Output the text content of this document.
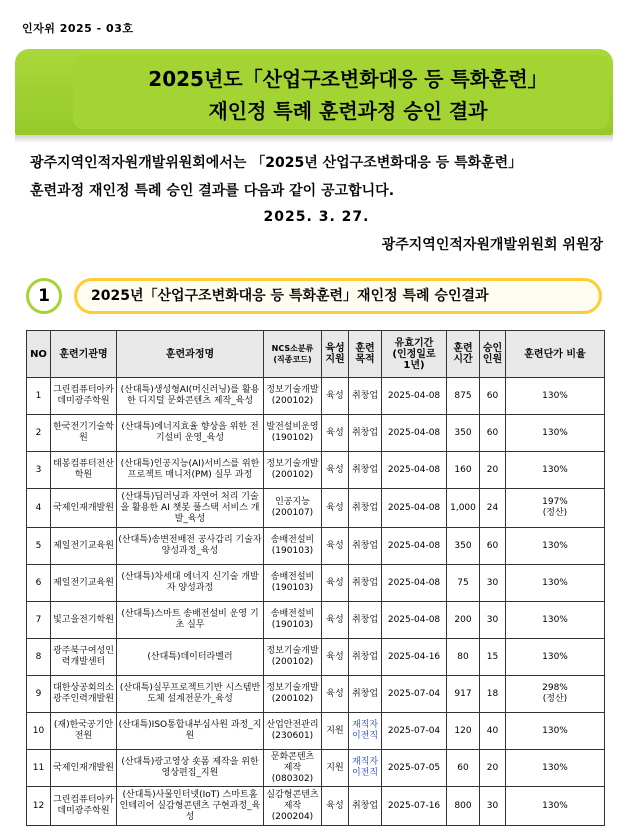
인자위 2025 - 03호
2025년도「산업구조변화대응 등 특화훈련」
재인정 특례 훈련과정 승인 결과
광주지역인적자원개발위원회에서는 「2025년 산업구조변화대응 등 특화훈련」
훈련과정 재인정 특례 승인 결과를 다음과 같이 공고합니다.
2025. 3. 27.
광주지역인적자원개발위원회 위원장
1	2025년「산업구조변화대응 등 특화훈련」재인정 특례 승인결과
NO	훈련기관명	훈련과정명	NCS소분류
(직종코드)	육성 지원	훈련 목적	유효기간
(인정일로
1년)	훈련 시간	승인 인원	훈련단가 비율
1	그린컴퓨터아카데미광주학원	(산대특)생성형AI(머신러닝)를 활용한 디지털 문화콘텐츠 제작_육성	정보기술개발
(200102)	육성	취창업	2025-04-08	875	60	130%
2	한국전기기술학원	(산대특)에너지효율 향상을 위한 전기설비 운영_육성	발전설비운영
(190102)	육성	취창업	2025-04-08	350	60	130%
3	태봉컴퓨터전산학원	(산대특)인공지능(AI)서비스를 위한 프로젝트 매니저(PM) 실무 과정	정보기술개발
(200102)	육성	취창업	2025-04-08	160	20	130%
4	국제인재개발원	(산대특)딥러닝과 자연어 처리 기술을 활용한 AI 챗봇 풀스택 서비스 개발_육성	인공지능
(200107)	육성	취창업	2025-04-08	1,000	24	197%
(정산)
5	제일전기교육원	(산대특)송변전배전 공사감리 기술자 양성과정_육성	송배전설비
(190103)	육성	취창업	2025-04-08	350	60	130%
6	제일전기교육원	(산대특)차세대 에너지 신기술 개발자 양성과정	송배전설비
(190103)	육성	취창업	2025-04-08	75	30	130%
7	빛고을전기학원	(산대특)스마트 송배전설비 운영 기초 실무	송배전설비
(190103)	육성	취창업	2025-04-08	200	30	130%
8	광주북구여성인력개발센터	(산대특)데이터라벨러	정보기술개발
(200102)	육성	취창업	2025-04-16	80	15	130%
9	대한상공회의소 광주인력개발원	(산대특)실무프로젝트기반 시스템반도체 설계전문가_육성	정보기술개발
(200102)	육성	취창업	2025-07-04	917	18	298%
(정산)
10	(재)한국공기안전원	(산대특)ISO통합내부심사원 과정_지원	산업안전관리
(230601)	지원	재직자 이전직	2025-07-04	120	40	130%
11	국제인재개발원	(산대특)광고영상 숏폼 제작을 위한 영상편집_지원	문화콘텐츠
제작(080302)	지원	재직자 이전직	2025-07-05	60	20	130%
12	그린컴퓨터아카데미광주학원	(산대특)사물인터넷(IoT) 스마트홈 인테리어 실감형콘텐츠 구현과정_육성	실감형콘텐츠
제작(200204)	육성	취창업	2025-07-16	800	30	130%
